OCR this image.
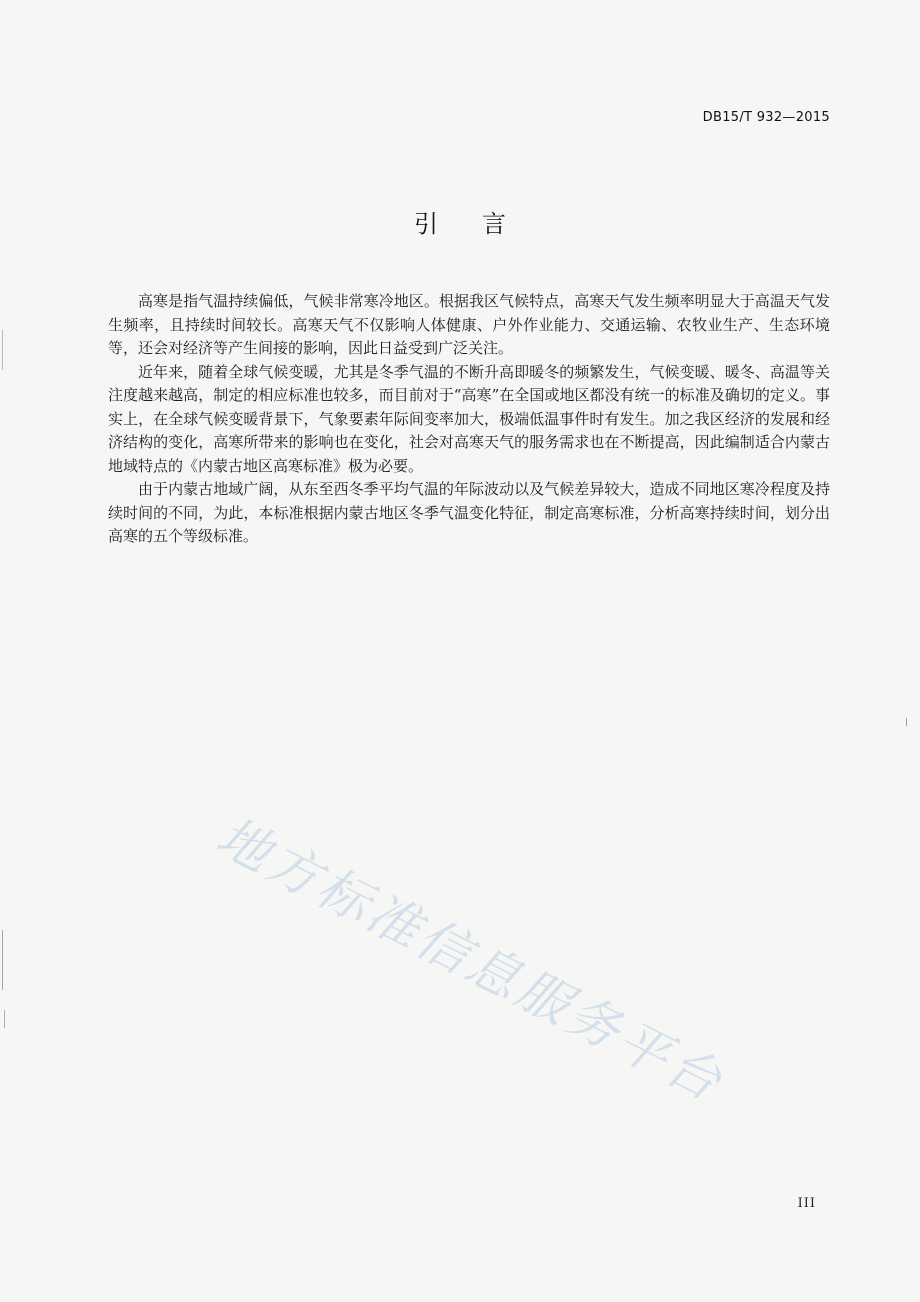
DB15/T 932—2015
引言

高寒是指气温持续偏低，气候非常寒冷地区。根据我区气候特点，高寒天气发生频率明显大于高温天气发生频率，且持续时间较长。高寒天气不仅影响人体健康、户外作业能力、交通运输、农牧业生产、生态环境等，还会对经济等产生间接的影响，因此日益受到广泛关注。

近年来，随着全球气候变暖，尤其是冬季气温的不断升高即暖冬的频繁发生，气候变暖、暖冬、高温等关注度越来越高，制定的相应标准也较多，而目前对于“高寒”在全国或地区都没有统一的标准及确切的定义。事实上，在全球气候变暖背景下，气象要素年际间变率加大，极端低温事件时有发生。加之我区经济的发展和经济结构的变化，高寒所带来的影响也在变化，社会对高寒天气的服务需求也在不断提高，因此编制适合内蒙古地域特点的《内蒙古地区高寒标准》极为必要。

由于内蒙古地域广阔，从东至西冬季平均气温的年际波动以及气候差异较大，造成不同地区寒冷程度及持续时间的不同，为此，本标准根据内蒙古地区冬季气温变化特征，制定高寒标准，分析高寒持续时间，划分出高寒的五个等级标准。

地方标准信息服务平台
III
